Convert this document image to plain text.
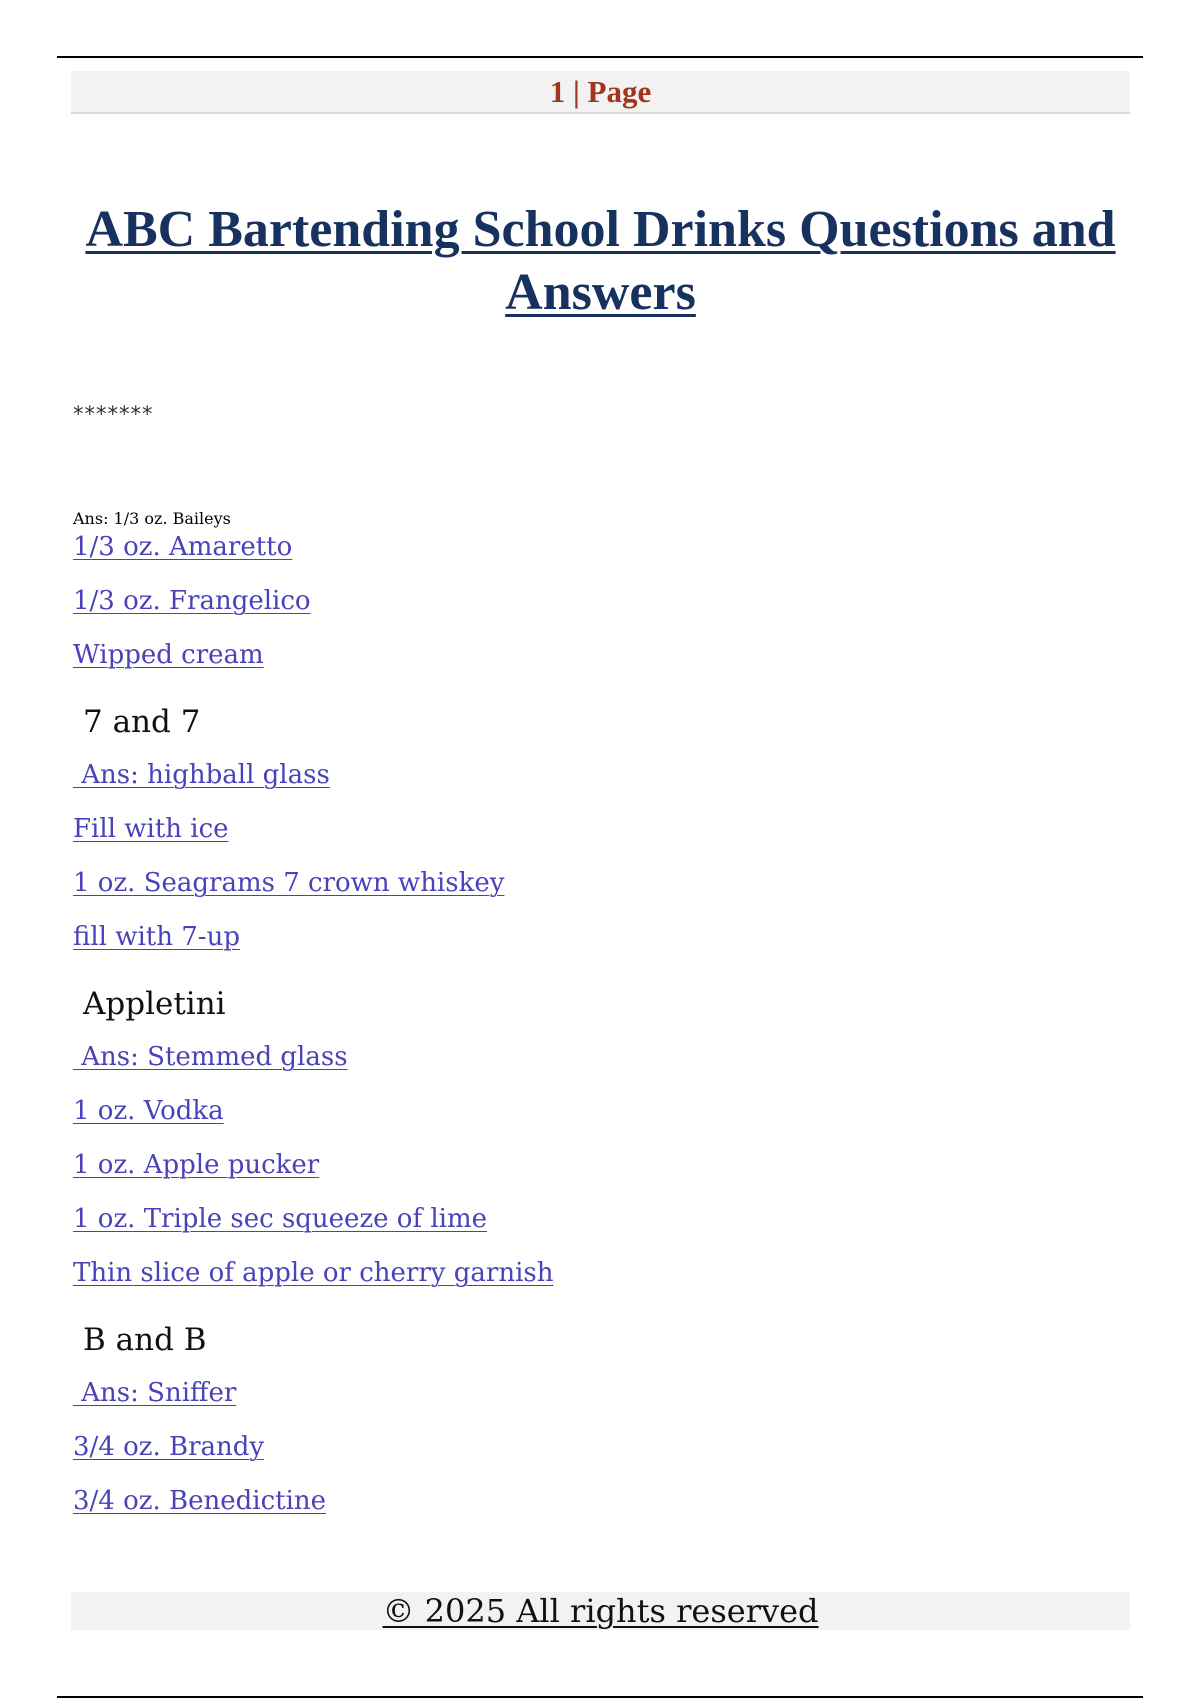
1 | Page
ABC Bartending School Drinks Questions and Answers
*******
Ans: 1/3 oz. Baileys
1/3 oz. Amaretto
1/3 oz. Frangelico
Wipped cream
7 and 7
Ans: highball glass
Fill with ice
1 oz. Seagrams 7 crown whiskey
fill with 7-up
Appletini
Ans: Stemmed glass
1 oz. Vodka
1 oz. Apple pucker
1 oz. Triple sec squeeze of lime
Thin slice of apple or cherry garnish
B and B
Ans: Sniffer
3/4 oz. Brandy
3/4 oz. Benedictine
© 2025 All rights reserved
